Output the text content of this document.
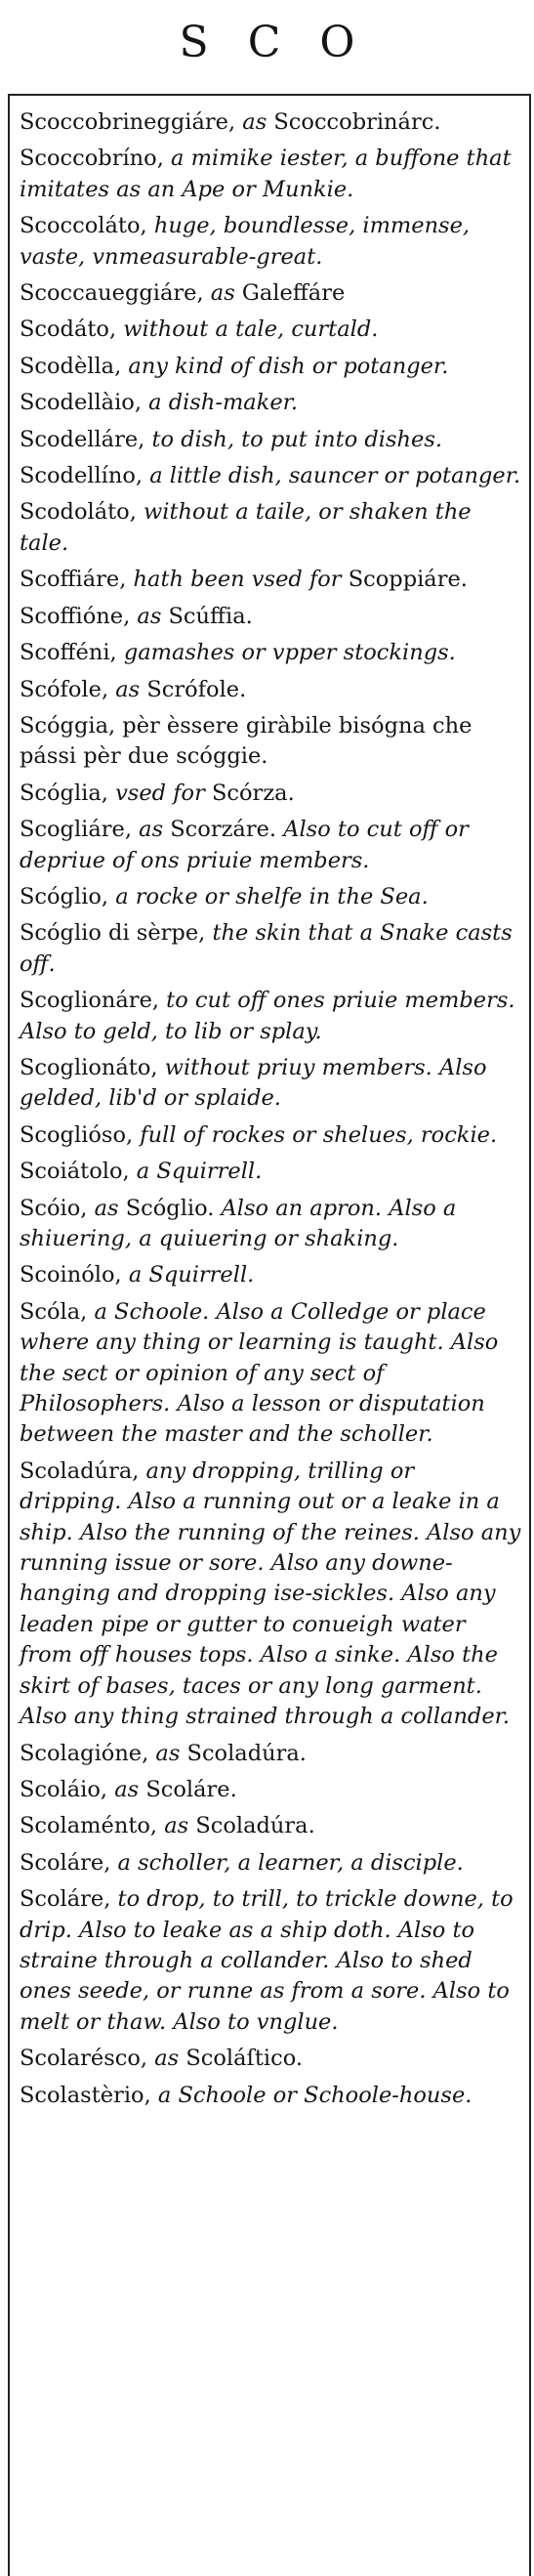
SCO
Scoccobrineggiáre, as Scoccobrinárc.
Scoccobríno, a mimike iester, a buffone that imitates as an Ape or Munkie.
Scoccoláto, huge, boundlesse, immense, vaste, vnmeasurable-great.
Scoccaueggiáre, as Galeffáre
Scodáto, without a tale, curtald.
Scodèlla, any kind of dish or potanger.
Scodellàio, a dish-maker.
Scodelláre, to dish, to put into dishes.
Scodellíno, a little dish, sauncer or potanger.
Scodoláto, without a taile, or shaken the tale.
Scoffiáre, hath been vsed for Scoppiáre.
Scoffióne, as Scúffia.
Scofféni, gamashes or vpper stockings.
Scófole, as Scrófole.
Scóggia, pèr èssere giràbile bisógna che pássi pèr due scóggie.
Scóglia, vsed for Scórza.
Scogliáre, as Scorzáre. Also to cut off or depriue of ons priuie members.
Scóglio, a rocke or shelfe in the Sea.
Scóglio di sèrpe, the skin that a Snake casts off.
Scoglionáre, to cut off ones priuie members. Also to geld, to lib or splay.
Scoglionáto, without priuy members. Also gelded, lib'd or splaide.
Scogliόso, full of rockes or shelues, rockie.
Scoiátolo, a Squirrell.
Scóio, as Scóglio. Also an apron. Also a shiuering, a quiuering or shaking.
Scoinólo, a Squirrell.
Scóla, a Schoole. Also a Colledge or place where any thing or learning is taught. Also the sect or opinion of any sect of Philosophers. Also a lesson or disputation between the master and the scholler.
Scoladúra, any dropping, trilling or dripping. Also a running out or a leake in a ship. Also the running of the reines. Also any running issue or sore. Also any downe-hanging and dropping ise-sickles. Also any leaden pipe or gutter to conueigh water from off houses tops. Also a sinke. Also the skirt of bases, taces or any long garment. Also any thing strained through a collander.
Scolagióne, as Scoladúra.
Scoláio, as Scoláre.
Scolaménto, as Scoladúra.
Scoláre, a scholler, a learner, a disciple.
Scoláre, to drop, to trill, to trickle downe, to drip. Also to leake as a ship doth. Also to straine through a collander. Also to shed ones seede, or runne as from a sore. Also to melt or thaw. Also to vnglue.
Scolarésco, as Scoláſtico.
Scolastèrio, a Schoole or Schoole-house.
